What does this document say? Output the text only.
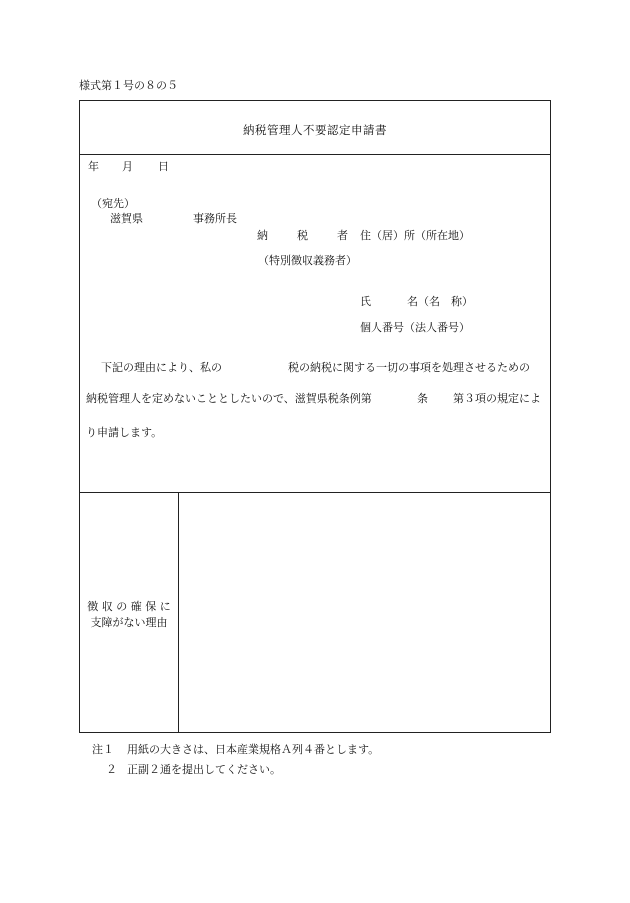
様式第１号の８の５
納税管理人不要認定申請書
年 月 日
（宛先）
滋賀県	事務所長
納	税	者 住（居）所（所在地）
（特別徴収義務者）
氏	名（名　称）
個人番号（法人番号）
下記の理由により、私の	税の納税に関する一切の事項を処理させるための
納税管理人を定めないこととしたいので、滋賀県税条例第	条 第３項の規定によ
り申請します。
徴 収 の 確 保 に
支障がない理由
注１ 用紙の大きさは、日本産業規格Ａ列４番とします。
２ 正副２通を提出してください。
